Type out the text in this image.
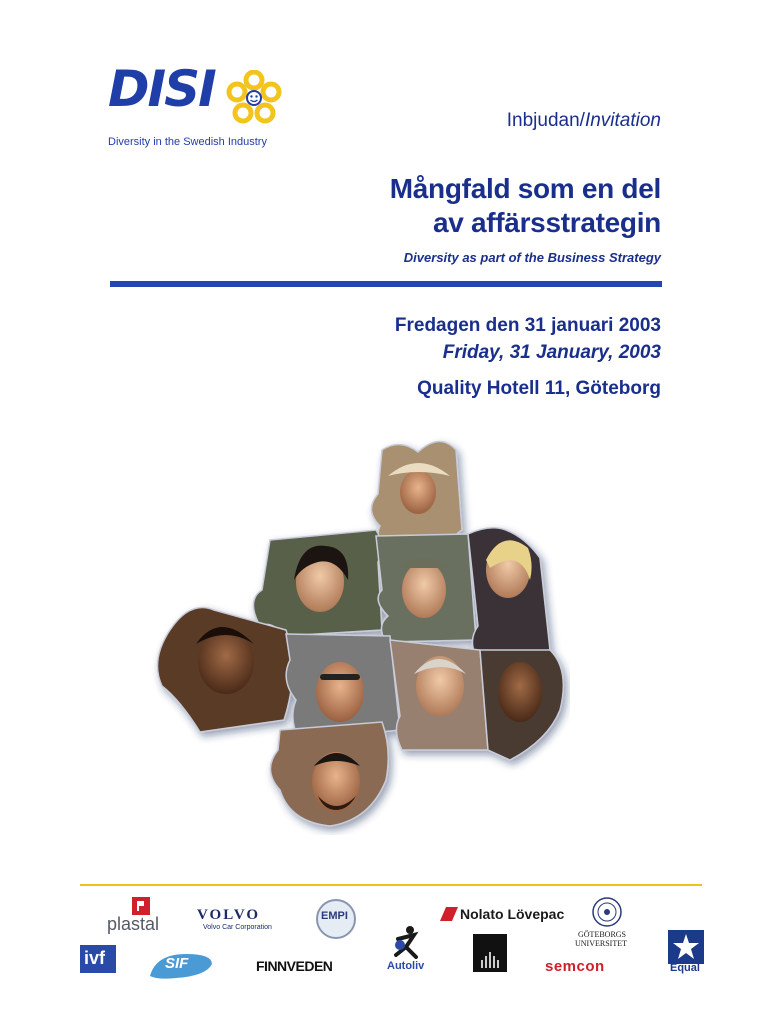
DISI
Diversity in the Swedish Industry
Inbjudan/Invitation
Mångfald som en del
av affärsstrategin
Diversity as part of the Business Strategy
Fredagen den 31 januari 2003
Friday, 31 January, 2003
Quality Hotell 11, Göteborg
plastal	VOLVO
Volvo Car Corporation
EMPI	Nolato Lövepac
GÖTEBORGS
UNIVERSITET
ivf	SIF	FINNVEDEN	Autoliv	semcon	Equal
